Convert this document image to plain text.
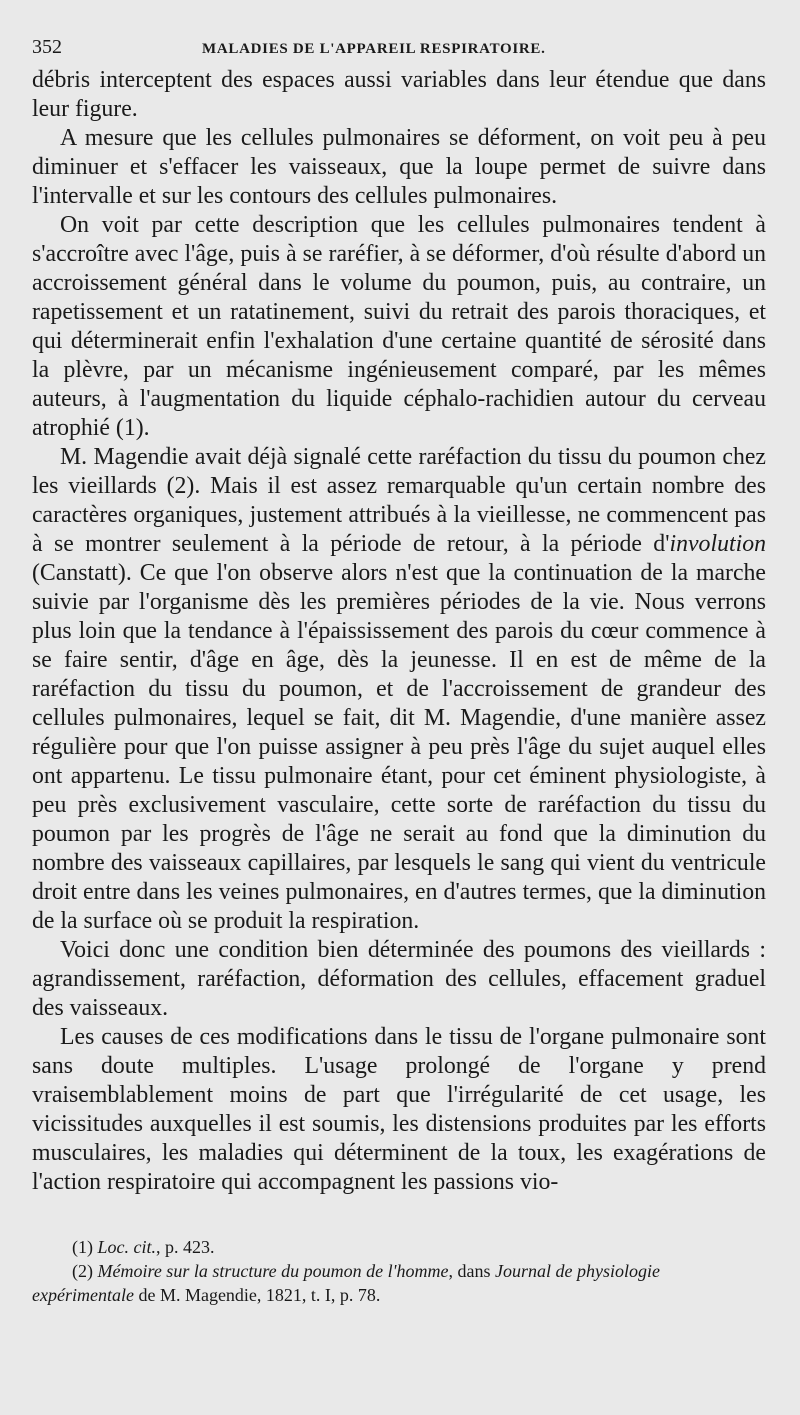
352	MALADIES DE L'APPAREIL RESPIRATOIRE.

débris interceptent des espaces aussi variables dans leur étendue que dans leur figure.

A mesure que les cellules pulmonaires se déforment, on voit peu à peu diminuer et s'effacer les vaisseaux, que la loupe permet de suivre dans l'intervalle et sur les contours des cellules pulmonaires.

On voit par cette description que les cellules pulmonaires tendent à s'accroître avec l'âge, puis à se raréfier, à se déformer, d'où résulte d'abord un accroissement général dans le volume du poumon, puis, au contraire, un rapetissement et un ratatinement, suivi du retrait des parois thoraciques, et qui déterminerait enfin l'exhalation d'une certaine quantité de sérosité dans la plèvre, par un mécanisme ingénieusement comparé, par les mêmes auteurs, à l'augmentation du liquide céphalo-rachidien autour du cerveau atrophié (1).

M. Magendie avait déjà signalé cette raréfaction du tissu du poumon chez les vieillards (2). Mais il est assez remarquable qu'un certain nombre des caractères organiques, justement attribués à la vieillesse, ne commencent pas à se montrer seulement à la période de retour, à la période d'involution (Canstatt). Ce que l'on observe alors n'est que la continuation de la marche suivie par l'organisme dès les premières périodes de la vie. Nous verrons plus loin que la tendance à l'épaississement des parois du cœur commence à se faire sentir, d'âge en âge, dès la jeunesse. Il en est de même de la raréfaction du tissu du poumon, et de l'accroissement de grandeur des cellules pulmonaires, lequel se fait, dit M. Magendie, d'une manière assez régulière pour que l'on puisse assigner à peu près l'âge du sujet auquel elles ont appartenu. Le tissu pulmonaire étant, pour cet éminent physiologiste, à peu près exclusivement vasculaire, cette sorte de raréfaction du tissu du poumon par les progrès de l'âge ne serait au fond que la diminution du nombre des vaisseaux capillaires, par lesquels le sang qui vient du ventricule droit entre dans les veines pulmonaires, en d'autres termes, que la diminution de la surface où se produit la respiration.

Voici donc une condition bien déterminée des poumons des vieillards : agrandissement, raréfaction, déformation des cellules, effacement graduel des vaisseaux.

Les causes de ces modifications dans le tissu de l'organe pulmonaire sont sans doute multiples. L'usage prolongé de l'organe y prend vraisemblablement moins de part que l'irrégularité de cet usage, les vicissitudes auxquelles il est soumis, les distensions produites par les efforts musculaires, les maladies qui déterminent de la toux, les exagérations de l'action respiratoire qui accompagnent les passions vio-

(1) Loc. cit., p. 423.

(2) Mémoire sur la structure du poumon de l'homme, dans Journal de physiologie expérimentale de M. Magendie, 1821, t. I, p. 78.
